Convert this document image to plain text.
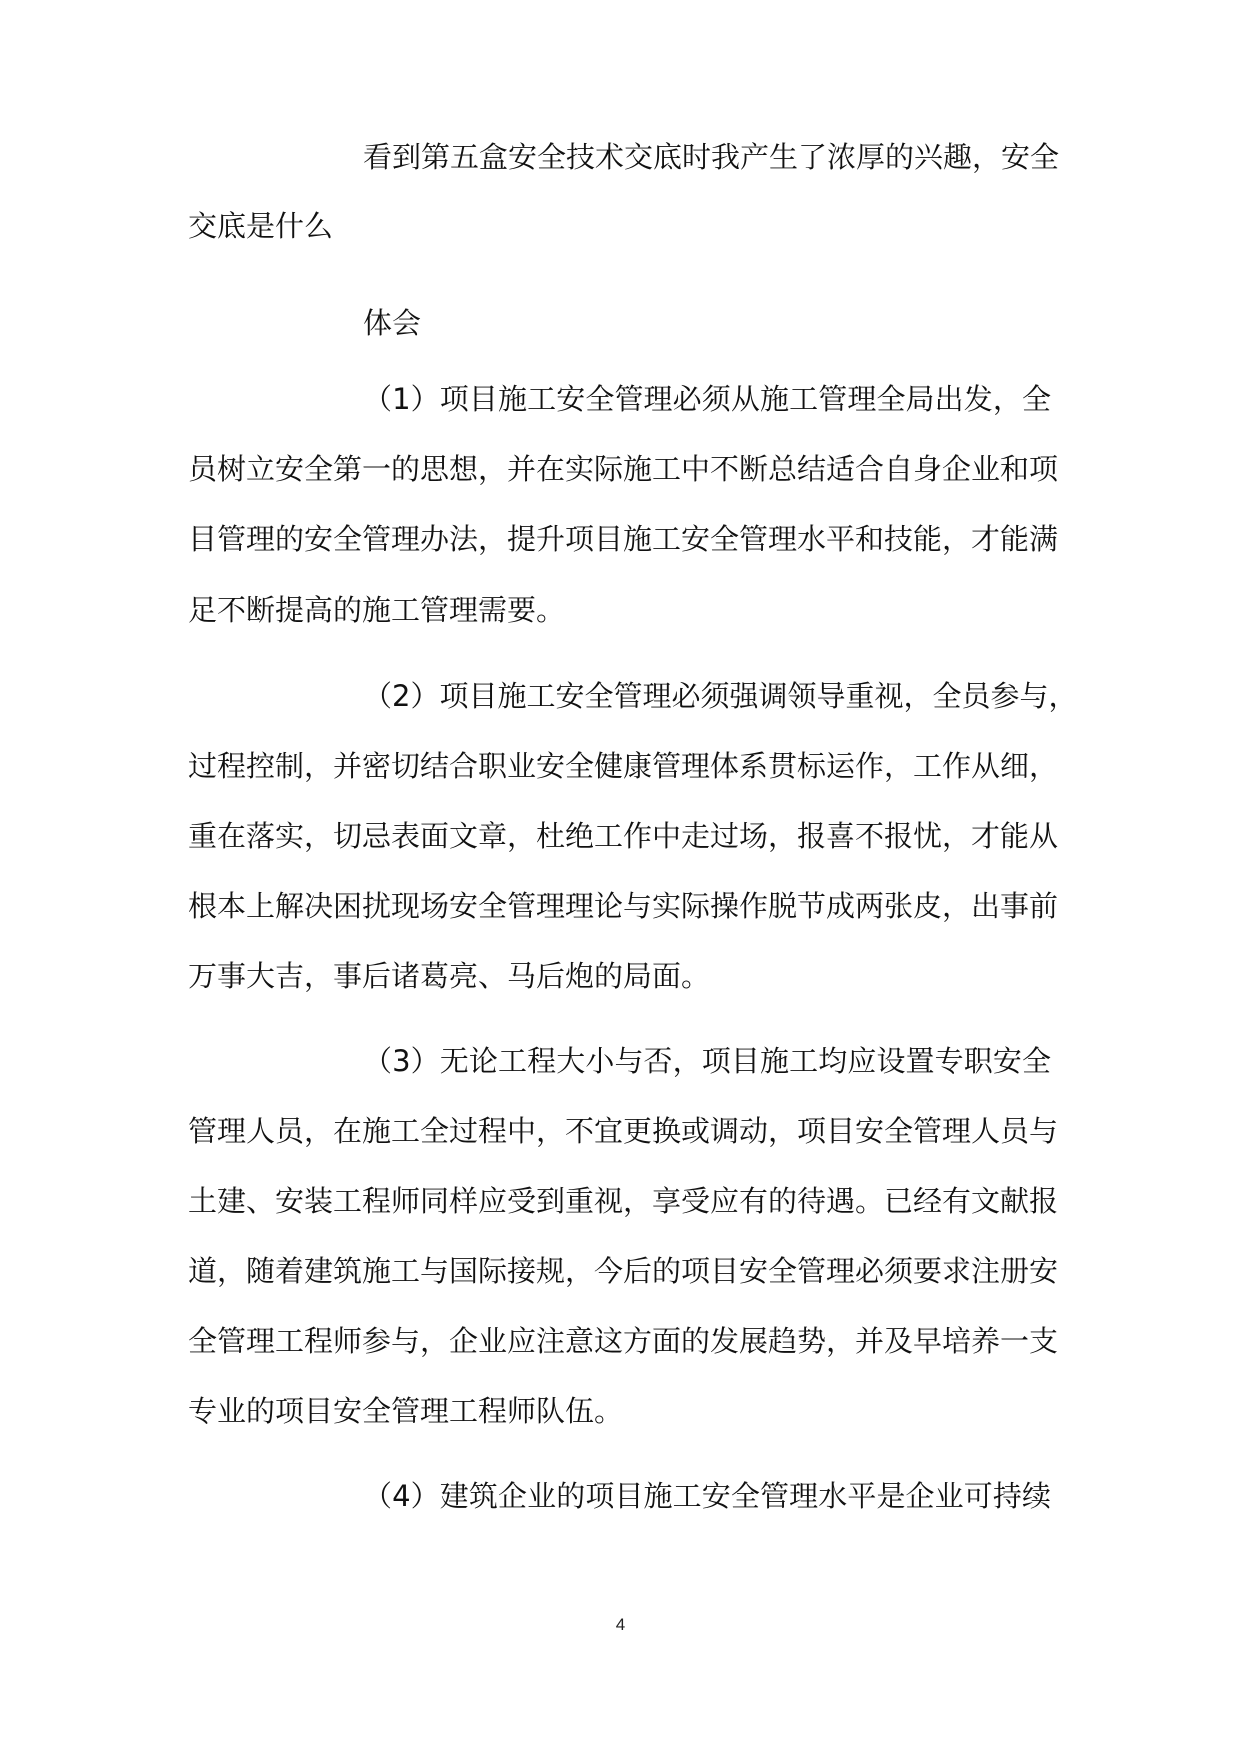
看到第五盒安全技术交底时我产生了浓厚的兴趣，安全
交底是什么
体会
（1）项目施工安全管理必须从施工管理全局出发，全
员树立安全第一的思想，并在实际施工中不断总结适合自身企业和项
目管理的安全管理办法，提升项目施工安全管理水平和技能，才能满
足不断提高的施工管理需要。
（2）项目施工安全管理必须强调领导重视，全员参与，
过程控制，并密切结合职业安全健康管理体系贯标运作，工作从细，
重在落实，切忌表面文章，杜绝工作中走过场，报喜不报忧，才能从
根本上解决困扰现场安全管理理论与实际操作脱节成两张皮，出事前
万事大吉，事后诸葛亮、马后炮的局面。
（3）无论工程大小与否，项目施工均应设置专职安全
管理人员，在施工全过程中，不宜更换或调动，项目安全管理人员与
土建、安装工程师同样应受到重视，享受应有的待遇。已经有文献报
道，随着建筑施工与国际接规，今后的项目安全管理必须要求注册安
全管理工程师参与，企业应注意这方面的发展趋势，并及早培养一支
专业的项目安全管理工程师队伍。
（4）建筑企业的项目施工安全管理水平是企业可持续
4
